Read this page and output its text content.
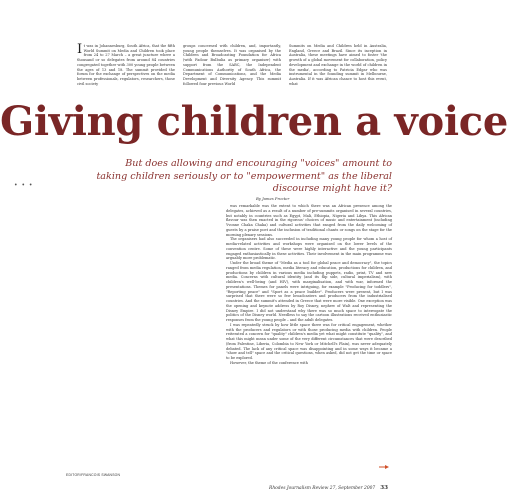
I t was in Johannesburg, South Africa, that the fifth World Summit on Media and Children took place from 24 to 27 March – a great juncture where a thousand or so delegates from around 84 countries congregated together with 300 young people between the ages of 13 and 18. The summit provided the forum for the exchange of perspectives on the media between professionals, regulators, researchers, those civil society
groups concerned with children, and, importantly, young people themselves. It was organised by the Children and Broadcasting Foundation for Africa (with Fadour Bulbulia as primary organiser) with support from the SABC, the Independent Communications Authority of South Africa, the Department of Communications, and the Media Development and Diversity Agency. This summit followed four previous World
Summits on Media and Children held in Australia, England, Greece and Brazil. Since its inception in Australia, these meetings have aimed to foster 'the growth of a global movement for collaboration, policy development and exchange in the world of children in the media', according to Patricia Edgar who was instrumental in the founding summit in Melbourne, Australia. If it was African chance to host this event, what
Giving children a voice

But does allowing and encouraging "voices" amount to taking children seriously or to "empowerment" as the liberal discourse might have it?

• • •
EDITOR/FRANCOIS SWANSON
By James Procter

was remarkable was the extent to which there was an African presence among the delegates, achieved as a result of a number of pre-summits organised in several countries, but notably in countries such as Egypt, Mali, Ethiopia, Nigeria and Libya. This African flavour was then enacted in the rigorous' choices of music and entertainment (including Yvonne Chaka Chaka) and cultural activities that ranged from the daily welcoming of guests by a praise poet and the inclusion of traditional chants or songs on the stage for the morning plenary sessions.

The organisers had also succeeded in including many young people for whom a host of media-related activities and workshops were organised on the lower levels of the convention centre. Some of these were highly interactive and the young participants engaged enthusiastically in these activities. Their involvement in the main programme was arguably more problematic.

Under the broad theme of "Media as a tool for global peace and democracy", the topics ranged from media regulation, media literacy and education, productions for children, and productions by children in various media including puppets, radio, print, TV and new media. Concerns with cultural identity (and its flip side, cultural imperialism), with children's well-being (and HIV), with marginalisation, and with war, informed the presentations. Themes for panels were intriguing, for example "Producing for toddlers", "Reporting peace" and "Sport as a peace builder". Producers were present, but I was surprised that there were so few broadcasters and producers from the industrialised countries. And the summit's attended in Greece that were more visible. One exception was the opening and keynote address by Roy Disney, nephew of Walt and representing the Disney Empire. I did not understand why there was so much space to interrogate the politics of the Disney world. Needless to say the cartoon illustrations received enthusiastic responses from the young people – and the adult delegates.

I was repeatedly struck by how little space there was for critical engagement, whether with the producers and regulators or with those producing media with children. People reiterated a concern for "quality" children's media yet what might constitute "quality", and what this might mean under some of the very different circumstances that were described (from Palestine, Liberia, Colombia to New York or Mitchell's Plain), was never adequately debated. The lack of any critical space was disappointing and in some ways it became a "show and tell" space and the critical questions, when asked, did not get the time or space to be explored.

However, the theme of the conference with

Rhodes Journalism Review 27, September 2007 33
